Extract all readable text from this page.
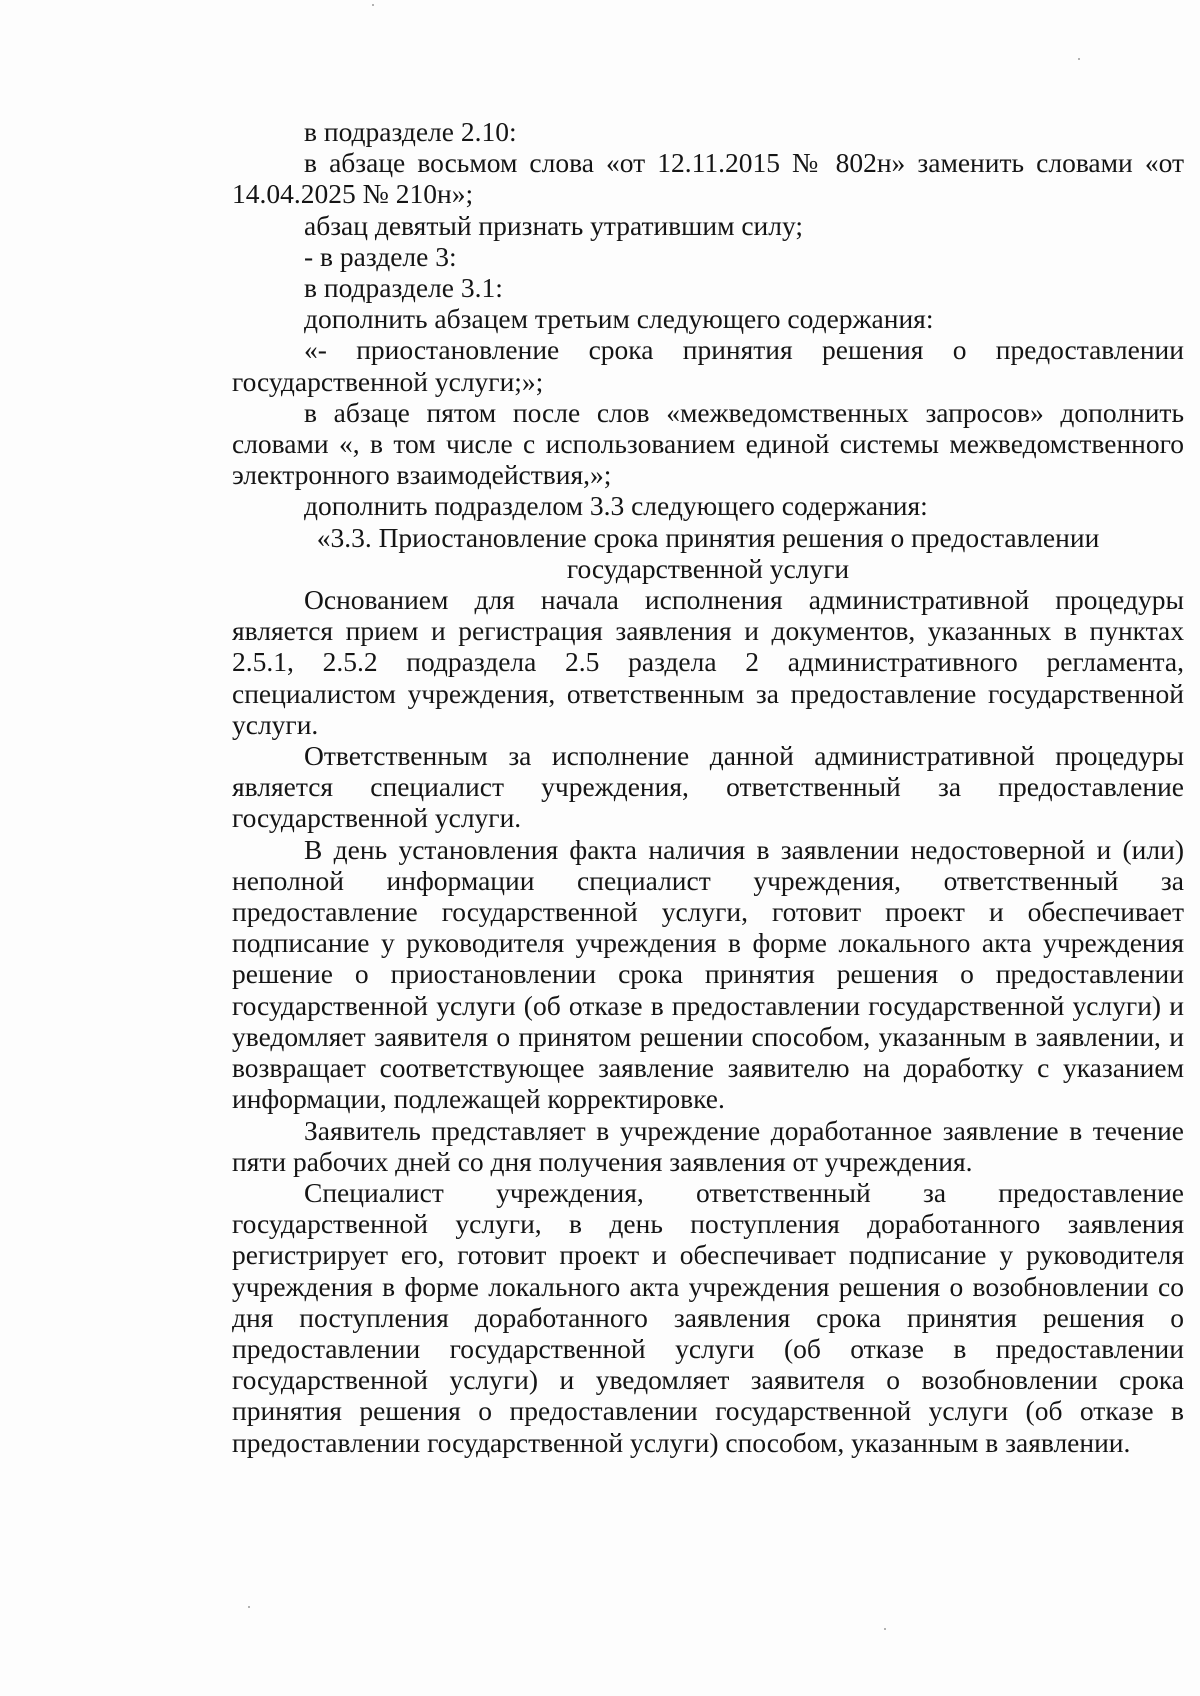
в подразделе 2.10:

в абзаце восьмом слова «от 12.11.2015 № 802н» заменить словами «от 14.04.2025 № 210н»;

абзац девятый признать утратившим силу;

- в разделе 3:

в подразделе 3.1:

дополнить абзацем третьим следующего содержания:

«- приостановление срока принятия решения о предоставлении государственной услуги;»;

в абзаце пятом после слов «межведомственных запросов» дополнить словами «, в том числе с использованием единой системы межведомственного электронного взаимодействия,»;

дополнить подразделом 3.3 следующего содержания:

«3.3. Приостановление срока принятия решения о предоставлении
государственной услуги

Основанием для начала исполнения административной процедуры является прием и регистрация заявления и документов, указанных в пунктах 2.5.1, 2.5.2 подраздела 2.5 раздела 2 административного регламента, специалистом учреждения, ответственным за предоставление государственной услуги.

Ответственным за исполнение данной административной процедуры является специалист учреждения, ответственный за предоставление государственной услуги.

В день установления факта наличия в заявлении недостоверной и (или) неполной информации специалист учреждения, ответственный за предоставление государственной услуги, готовит проект и обеспечивает подписание у руководителя учреждения в форме локального акта учреждения решение о приостановлении срока принятия решения о предоставлении государственной услуги (об отказе в предоставлении государственной услуги) и уведомляет заявителя о принятом решении способом, указанным в заявлении, и возвращает соответствующее заявление заявителю на доработку с указанием информации, подлежащей корректировке.

Заявитель представляет в учреждение доработанное заявление в течение пяти рабочих дней со дня получения заявления от учреждения.

Специалист учреждения, ответственный за предоставление государственной услуги, в день поступления доработанного заявления регистрирует его, готовит проект и обеспечивает подписание у руководителя учреждения в форме локального акта учреждения решения о возобновлении со дня поступления доработанного заявления срока принятия решения о предоставлении государственной услуги (об отказе в предоставлении государственной услуги) и уведомляет заявителя о возобновлении срока принятия решения о предоставлении государственной услуги (об отказе в предоставлении государственной услуги) способом, указанным в заявлении.
